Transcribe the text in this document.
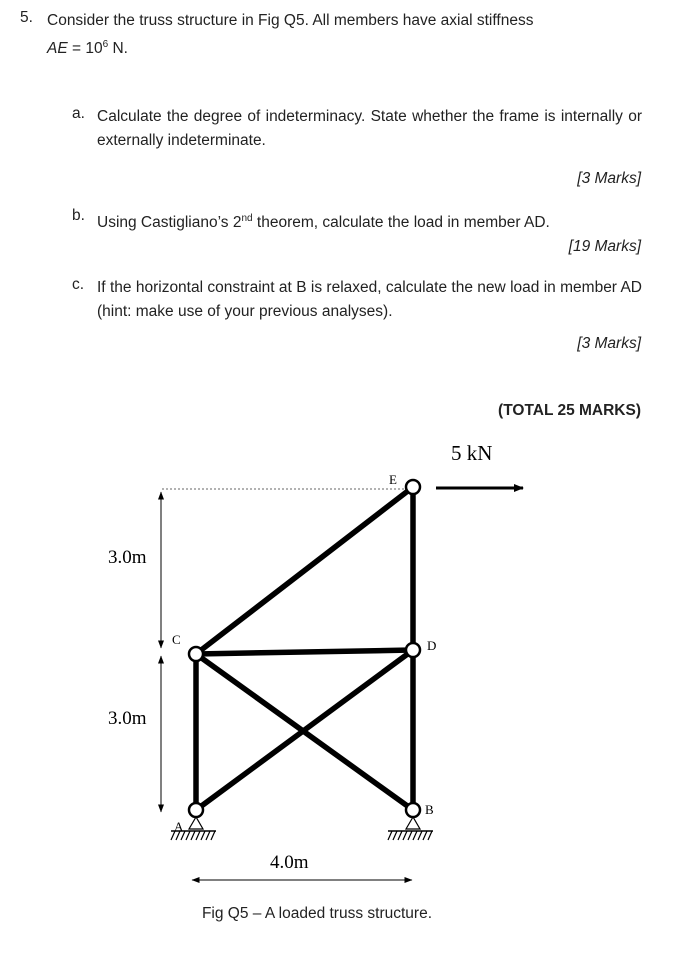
5. Consider the truss structure in Fig Q5. All members have axial stiffness
AE = $10^6$ N.
a. Calculate the degree of indeterminacy. State whether the frame is internally or externally indeterminate.
[3 Marks]
b. Using Castigliano’s 2nd theorem, calculate the load in member AD.
[19 Marks]
c. If the horizontal constraint at B is relaxed, calculate the new load in member AD (hint: make use of your previous analyses).
[3 Marks]
(TOTAL 25 MARKS)
5 kN
E
C	D
A
B
3.0m
3.0m
4.0m
Fig Q5 – A loaded truss structure.
